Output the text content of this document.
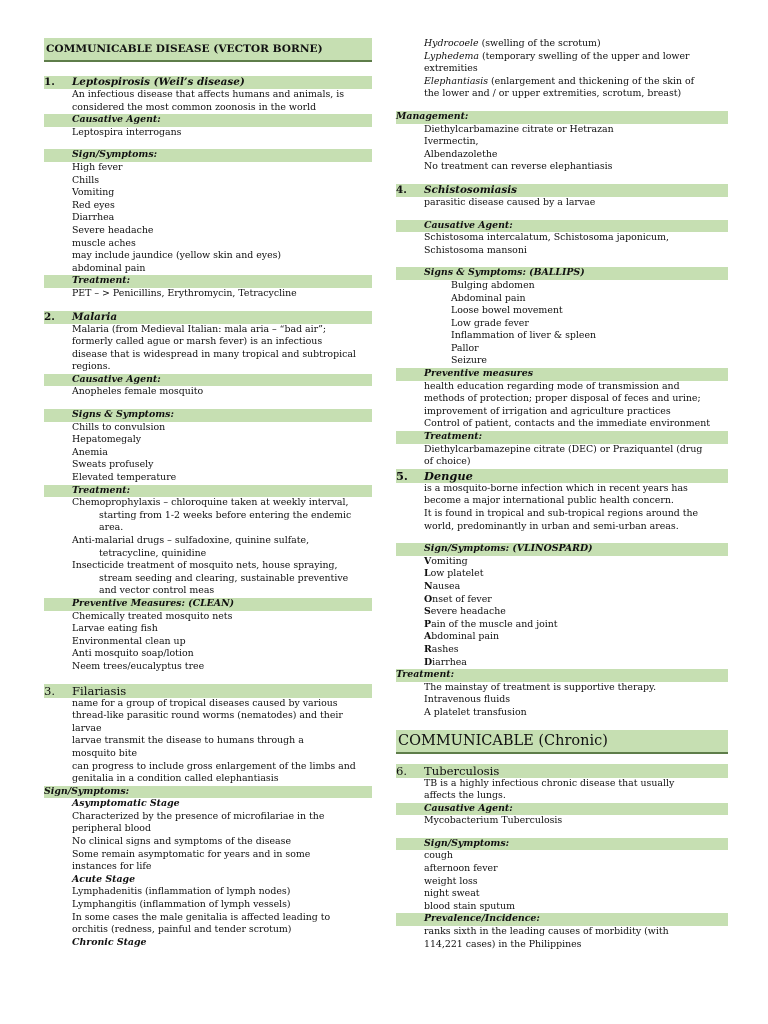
COMMUNICABLE DISEASE (VECTOR BORNE)
1.	Leptospirosis (Weil’s disease)
An infectious disease that affects humans and animals, is
considered the most common zoonosis in the world
Causative Agent:
Leptospira interrogans
Sign/Symptoms:
High fever
Chills
Vomiting
Red eyes
Diarrhea
Severe headache
muscle aches
may include jaundice (yellow skin and eyes)
abdominal pain
Treatment:
PET – > Penicillins, Erythromycin, Tetracycline
2.	Malaria
Malaria (from Medieval Italian: mala aria – “bad air”;
formerly called ague or marsh fever) is an infectious
disease that is widespread in many tropical and subtropical
regions.
Causative Agent:
Anopheles female mosquito
Signs & Symptoms:
Chills to convulsion
Hepatomegaly
Anemia
Sweats profusely
Elevated temperature
Treatment:
Chemoprophylaxis – chloroquine taken at weekly interval,
starting from 1-2 weeks before entering the endemic
area.
Anti-malarial drugs – sulfadoxine, quinine sulfate,
tetracycline, quinidine
Insecticide treatment of mosquito nets, house spraying,
stream seeding and clearing, sustainable preventive
and vector control meas
Preventive Measures: (CLEAN)
Chemically treated mosquito nets
Larvae eating fish
Environmental clean up
Anti mosquito soap/lotion
Neem trees/eucalyptus tree
3.	Filariasis
name for a group of tropical diseases caused by various
thread-like parasitic round worms (nematodes) and their
larvae
larvae transmit the disease to humans through a
mosquito bite
can progress to include gross enlargement of the limbs and
genitalia in a condition called elephantiasis
Sign/Symptoms:
Asymptomatic Stage
Characterized by the presence of microfilariae in the
peripheral blood
No clinical signs and symptoms of the disease
Some remain asymptomatic for years and in some
instances for life
Acute Stage
Lymphadenitis (inflammation of lymph nodes)
Lymphangitis (inflammation of lymph vessels)
In some cases the male genitalia is affected leading to
orchitis (redness, painful and tender scrotum)
Chronic Stage
Hydrocoele (swelling of the scrotum)
Lyphedema (temporary swelling of the upper and lower
extremities
Elephantiasis (enlargement and thickening of the skin of
the lower and / or upper extremities, scrotum, breast)
Management:
Diethylcarbamazine citrate or Hetrazan
Ivermectin,
Albendazolethe
No treatment can reverse elephantiasis
4.	Schistosomiasis
parasitic disease caused by a larvae
Causative Agent:
Schistosoma intercalatum, Schistosoma japonicum,
Schistosoma mansoni
Signs & Symptoms: (BALLIPS)
Bulging abdomen
Abdominal pain
Loose bowel movement
Low grade fever
Inflammation of liver & spleen
Pallor
Seizure
Preventive measures
health education regarding mode of transmission and
methods of protection; proper disposal of feces and urine;
improvement of irrigation and agriculture practices
Control of patient, contacts and the immediate environment
Treatment:
Diethylcarbamazepine citrate (DEC) or Praziquantel (drug
of choice)
5.	Dengue
is a mosquito-borne infection which in recent years has
become a major international public health concern.
It is found in tropical and sub-tropical regions around the
world, predominantly in urban and semi-urban areas.
Sign/Symptoms: (VLINOSPARD)
Vomiting
Low platelet
Nausea
Onset of fever
Severe headache
Pain of the muscle and joint
Abdominal pain
Rashes
Diarrhea
Treatment:
The mainstay of treatment is supportive therapy.
Intravenous fluids
A platelet transfusion
COMMUNICABLE (Chronic)
6.	Tuberculosis
TB is a highly infectious chronic disease that usually
affects the lungs.
Causative Agent:
Mycobacterium Tuberculosis
Sign/Symptoms:
cough
afternoon fever
weight loss
night sweat
blood stain sputum
Prevalence/Incidence:
ranks sixth in the leading causes of morbidity (with
114,221 cases) in the Philippines
